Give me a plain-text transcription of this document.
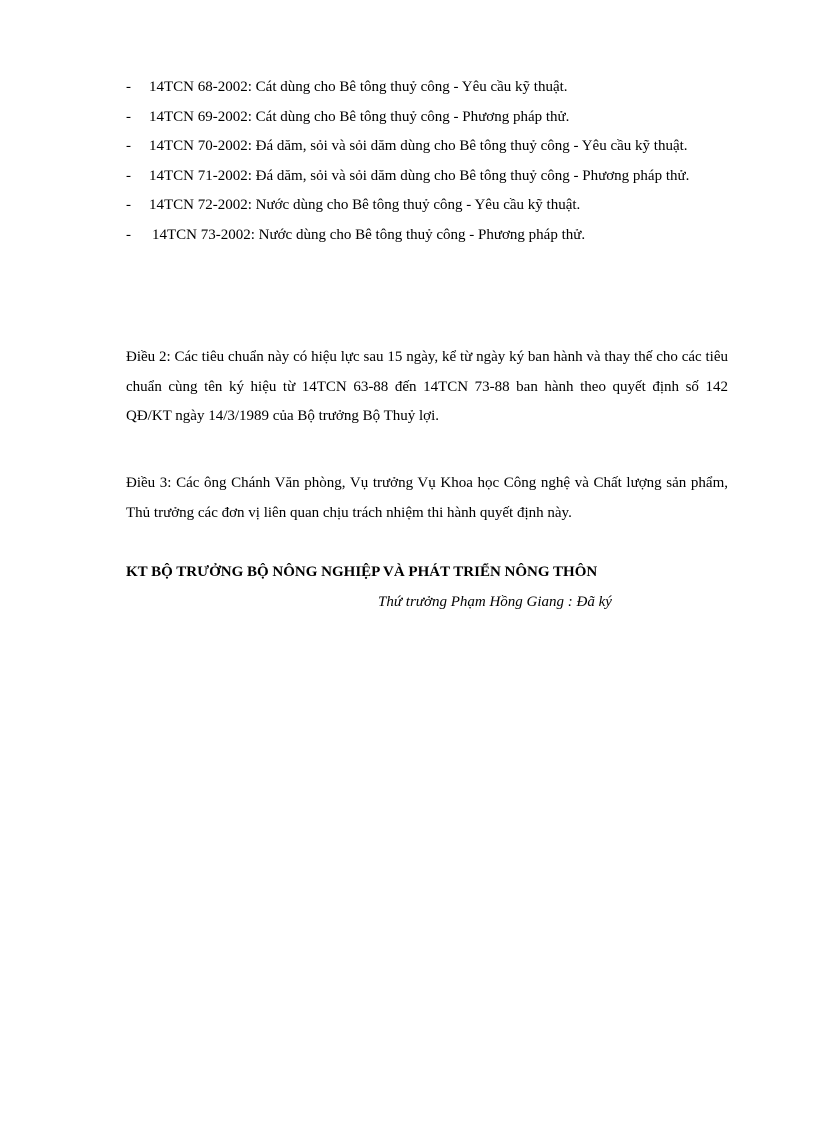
- 14TCN 68-2002: Cát dùng cho Bê tông thuỷ công - Yêu cầu kỹ thuật.
- 14TCN 69-2002: Cát dùng cho Bê tông thuỷ công - Phương pháp thử.
- 14TCN 70-2002: Đá dăm, sỏi và sỏi dăm dùng cho Bê tông thuỷ công - Yêu cầu kỹ thuật.
- 14TCN 71-2002: Đá dăm, sỏi và sỏi dăm dùng cho Bê tông thuỷ công - Phương pháp thử.
- 14TCN 72-2002: Nước dùng cho Bê tông thuỷ công - Yêu cầu kỹ thuật.
- 14TCN 73-2002: Nước dùng cho Bê tông thuỷ công - Phương pháp thử.

Điều 2: Các tiêu chuẩn này có hiệu lực sau 15 ngày, kể từ ngày ký ban hành và thay thế cho các tiêu chuẩn cùng tên ký hiệu từ 14TCN 63-88 đến 14TCN 73-88 ban hành theo quyết định số 142 QĐ/KT ngày 14/3/1989 của Bộ trưởng Bộ Thuỷ lợi.

Điều 3: Các ông Chánh Văn phòng, Vụ trưởng Vụ Khoa học Công nghệ và Chất lượng sản phẩm, Thủ trưởng các đơn vị liên quan chịu trách nhiệm thi hành quyết định này.

KT BỘ TRƯỞNG BỘ NÔNG NGHIỆP VÀ PHÁT TRIỂN NÔNG THÔN

Thứ trưởng Phạm Hồng Giang : Đã ký
